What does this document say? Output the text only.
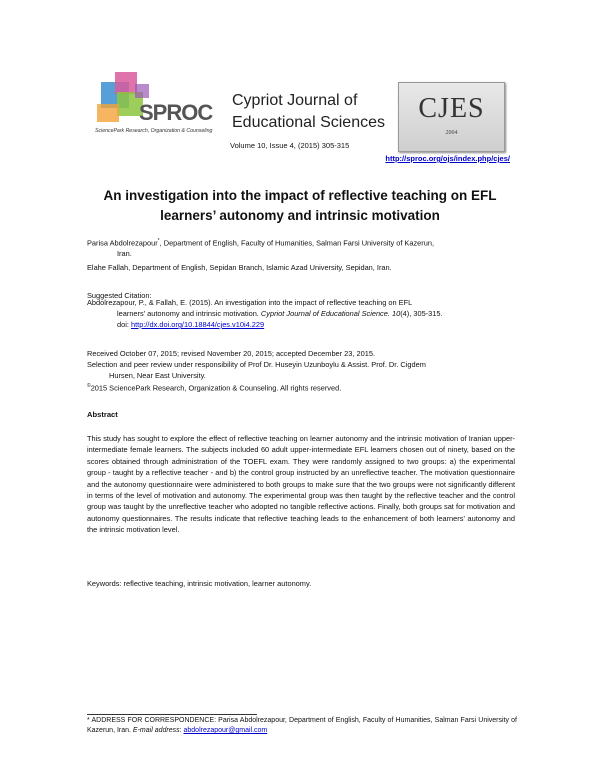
SPROC
SciencePark Research, Organization & Counseling
Cypriot Journal of
Educational Sciences	CJES
2004
Volume 10, Issue 4, (2015) 305-315
http://sproc.org/ojs/index.php/cjes/
An investigation into the impact of reflective teaching on EFL learners’ autonomy and intrinsic motivation
Parisa Abdolrezapour*, Department of English, Faculty of Humanities, Salman Farsi University of Kazerun,
Iran.
Elahe Fallah, Department of English, Sepidan Branch, Islamic Azad University, Sepidan, Iran.
Suggested Citation:
Abdolrezapour, P., & Fallah, E. (2015). An investigation into the impact of reflective teaching on EFL
learners’ autonomy and intrinsic motivation. Cypriot Journal of Educational Science. 10(4), 305-315.
doi: http://dx.doi.org/10.18844/cjes.v10i4.229
Received October 07, 2015; revised November 20, 2015; accepted December 23, 2015.
Selection and peer review under responsibility of Prof Dr. Huseyin Uzunboylu & Assist. Prof. Dr. Cigdem
Hursen, Near East University.
©2015 SciencePark Research, Organization & Counseling. All rights reserved.
Abstract
This study has sought to explore the effect of reflective teaching on learner autonomy and the intrinsic motivation of Iranian upper-intermediate female learners. The subjects included 60 adult upper-intermediate EFL learners chosen out of ninety, based on the scores obtained through administration of the TOEFL exam. They were randomly assigned to two groups: a) the experimental group - taught by a reflective teacher - and b) the control group instructed by an unreflective teacher. The motivation questionnaire and the autonomy questionnaire were administered to both groups to make sure that the two groups were not significantly different in terms of the level of motivation and autonomy. The experimental group was then taught by the reflective teacher and the control group was taught by the unreflective teacher who adopted no tangible reflective actions. Finally, both groups sat for motivation and autonomy questionnaires. The results indicate that reflective teaching leads to the enhancement of both learners’ autonomy and the intrinsic motivation level.
Keywords: reflective teaching, intrinsic motivation, learner autonomy.
* ADDRESS FOR CORRESPONDENCE: Parisa Abdolrezapour, Department of English, Faculty of Humanities, Salman Farsi University of Kazerun, Iran. E-mail address: abdolrezapour@gmail.com
